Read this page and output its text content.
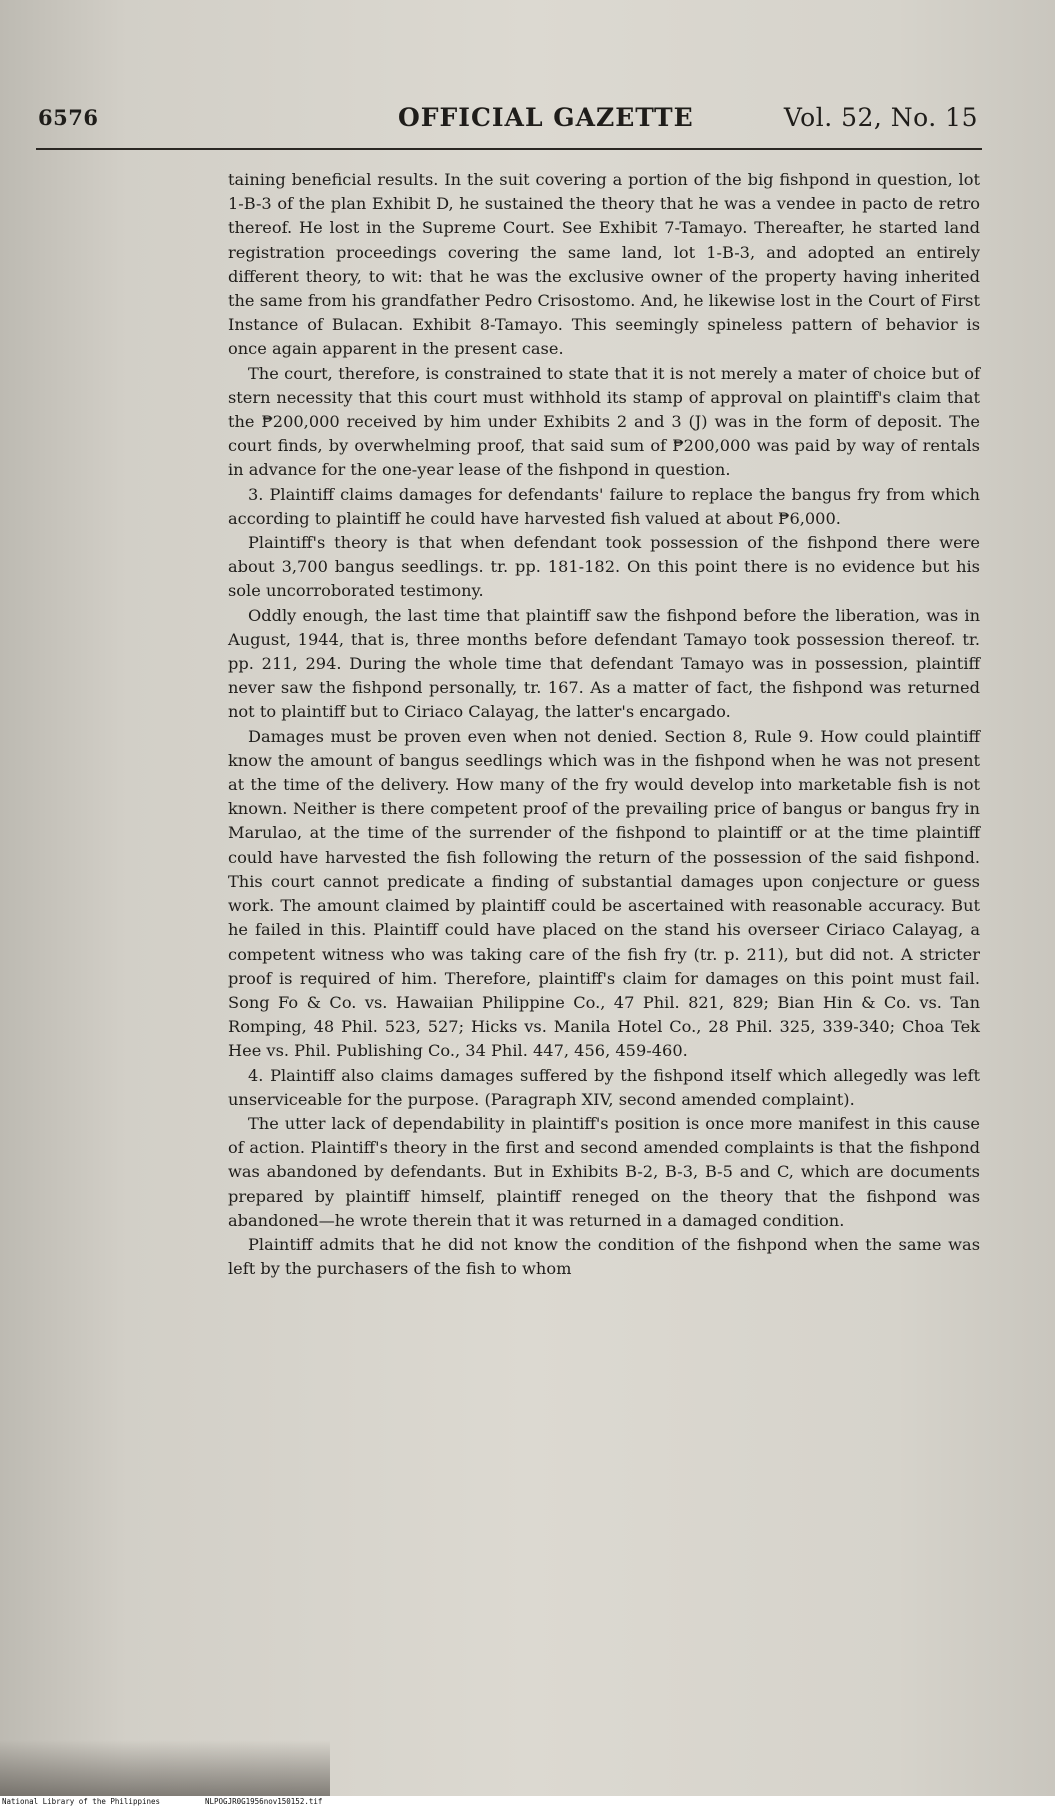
6576	OFFICIAL GAZETTE	Vol. 52, No. 15

taining beneficial results. In the suit covering a portion of the big fishpond in question, lot 1-B-3 of the plan Exhibit D, he sustained the theory that he was a vendee in pacto de retro thereof. He lost in the Supreme Court. See Exhibit 7-Tamayo. Thereafter, he started land registration proceedings covering the same land, lot 1-B-3, and adopted an entirely different theory, to wit: that he was the exclusive owner of the property having inherited the same from his grandfather Pedro Crisostomo. And, he likewise lost in the Court of First Instance of Bulacan. Exhibit 8-Tamayo. This seemingly spineless pattern of behavior is once again apparent in the present case.

The court, therefore, is constrained to state that it is not merely a mater of choice but of stern necessity that this court must withhold its stamp of approval on plaintiff's claim that the ₱200,000 received by him under Exhibits 2 and 3 (J) was in the form of deposit. The court finds, by overwhelming proof, that said sum of ₱200,000 was paid by way of rentals in advance for the one-year lease of the fishpond in question.

3. Plaintiff claims damages for defendants' failure to replace the bangus fry from which according to plaintiff he could have harvested fish valued at about ₱6,000.

Plaintiff's theory is that when defendant took possession of the fishpond there were about 3,700 bangus seedlings. tr. pp. 181-182. On this point there is no evidence but his sole uncorroborated testimony.

Oddly enough, the last time that plaintiff saw the fishpond before the liberation, was in August, 1944, that is, three months before defendant Tamayo took possession thereof. tr. pp. 211, 294. During the whole time that defendant Tamayo was in possession, plaintiff never saw the fishpond personally, tr. 167. As a matter of fact, the fishpond was returned not to plaintiff but to Ciriaco Calayag, the latter's encargado.

Damages must be proven even when not denied. Section 8, Rule 9. How could plaintiff know the amount of bangus seedlings which was in the fishpond when he was not present at the time of the delivery. How many of the fry would develop into marketable fish is not known. Neither is there competent proof of the prevailing price of bangus or bangus fry in Marulao, at the time of the surrender of the fishpond to plaintiff or at the time plaintiff could have harvested the fish following the return of the possession of the said fishpond. This court cannot predicate a finding of substantial damages upon conjecture or guess work. The amount claimed by plaintiff could be ascertained with reasonable accuracy. But he failed in this. Plaintiff could have placed on the stand his overseer Ciriaco Calayag, a competent witness who was taking care of the fish fry (tr. p. 211), but did not. A stricter proof is required of him. Therefore, plaintiff's claim for damages on this point must fail. Song Fo & Co. vs. Hawaiian Philippine Co., 47 Phil. 821, 829; Bian Hin & Co. vs. Tan Romping, 48 Phil. 523, 527; Hicks vs. Manila Hotel Co., 28 Phil. 325, 339-340; Choa Tek Hee vs. Phil. Publishing Co., 34 Phil. 447, 456, 459-460.

4. Plaintiff also claims damages suffered by the fishpond itself which allegedly was left unserviceable for the purpose. (Paragraph XIV, second amended complaint).

The utter lack of dependability in plaintiff's position is once more manifest in this cause of action. Plaintiff's theory in the first and second amended complaints is that the fishpond was abandoned by defendants. But in Exhibits B-2, B-3, B-5 and C, which are documents prepared by plaintiff himself, plaintiff reneged on the theory that the fishpond was abandoned—he wrote therein that it was returned in a damaged condition.

Plaintiff admits that he did not know the condition of the fishpond when the same was left by the purchasers of the fish to whom

National Library of the Philippines	NLPOGJR0G1956nov150152.tif
